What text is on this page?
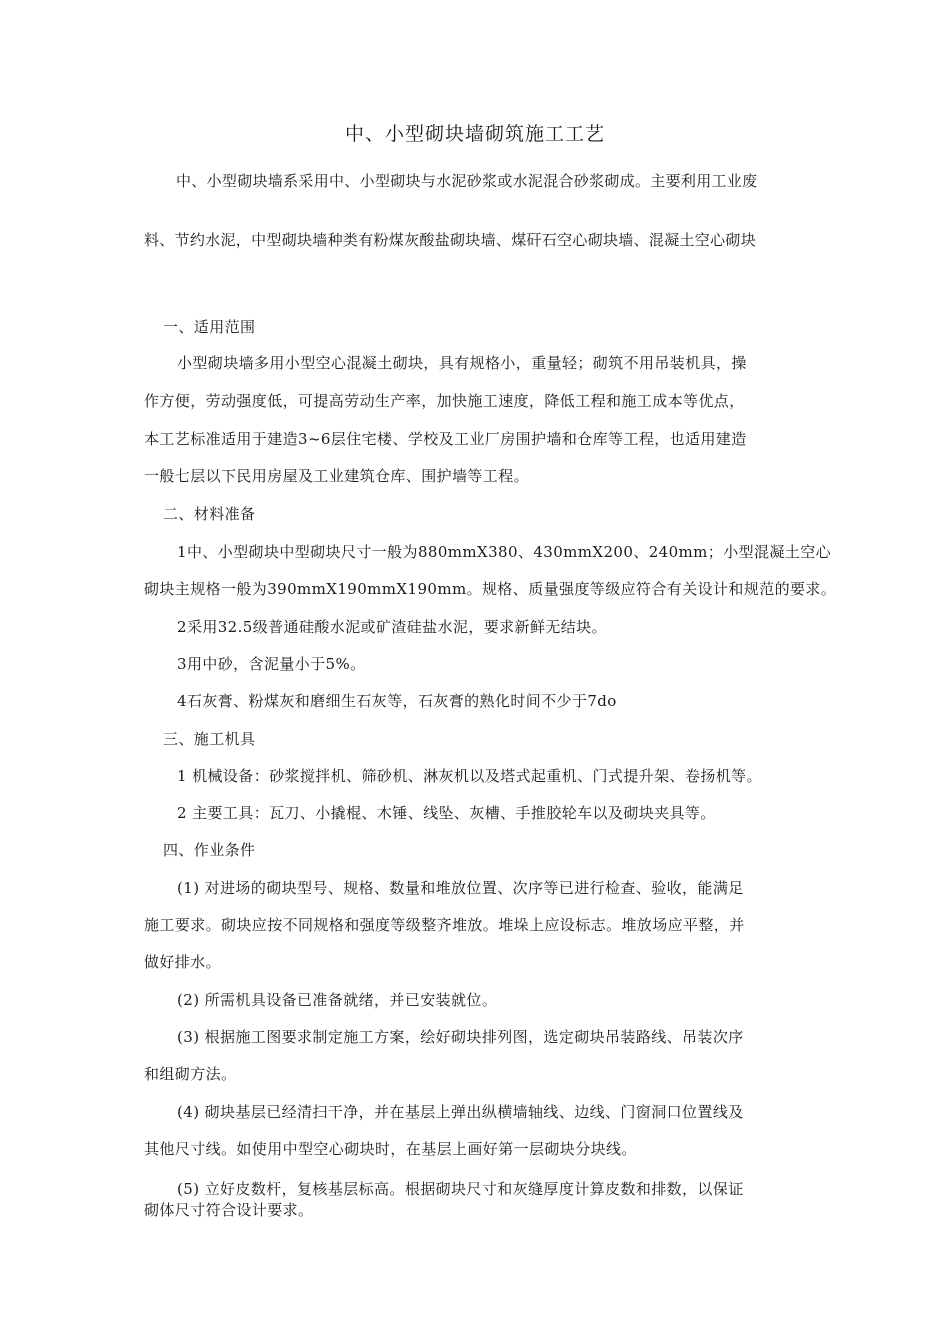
中、小型砌块墙砌筑施工工艺
中、小型砌块墙系采用中、小型砌块与水泥砂浆或水泥混合砂浆砌成。主要利用工业废
料、节约水泥，中型砌块墙种类有粉煤灰酸盐砌块墙、煤矸石空心砌块墙、混凝土空心砌块
一、适用范围
小型砌块墙多用小型空心混凝土砌块，具有规格小，重量轻；砌筑不用吊装机具，操
作方便，劳动强度低，可提高劳动生产率，加快施工速度，降低工程和施工成本等优点，
本工艺标准适用于建造3~6层住宅楼、学校及工业厂房围护墙和仓库等工程，也适用建造
一般七层以下民用房屋及工业建筑仓库、围护墙等工程。
二、材料准备
1中、小型砌块中型砌块尺寸一般为880mmX380、430mmX200、240mm；小型混凝土空心
砌块主规格一般为390mmX190mmX190mm。规格、质量强度等级应符合有关设计和规范的要求。
2采用32.5级普通硅酸水泥或矿渣硅盐水泥，要求新鲜无结块。
3用中砂，含泥量小于5%。
4石灰膏、粉煤灰和磨细生石灰等，石灰膏的熟化时间不少于7do
三、施工机具
1 机械设备：砂浆搅拌机、筛砂机、淋灰机以及塔式起重机、门式提升架、卷扬机等。
2 主要工具：瓦刀、小撬棍、木锤、线坠、灰槽、手推胶轮车以及砌块夹具等。
四、作业条件
(1) 对进场的砌块型号、规格、数量和堆放位置、次序等已进行检查、验收，能满足
施工要求。砌块应按不同规格和强度等级整齐堆放。堆垛上应设标志。堆放场应平整，并
做好排水。
(2) 所需机具设备已准备就绪，并已安装就位。
(3) 根据施工图要求制定施工方案，绘好砌块排列图，选定砌块吊装路线、吊装次序
和组砌方法。
(4) 砌块基层已经清扫干净，并在基层上弹出纵横墙轴线、边线、门窗洞口位置线及
其他尺寸线。如使用中型空心砌块时，在基层上画好第一层砌块分块线。
(5) 立好皮数杆，复核基层标高。根据砌块尺寸和灰缝厚度计算皮数和排数，以保证
砌体尺寸符合设计要求。
